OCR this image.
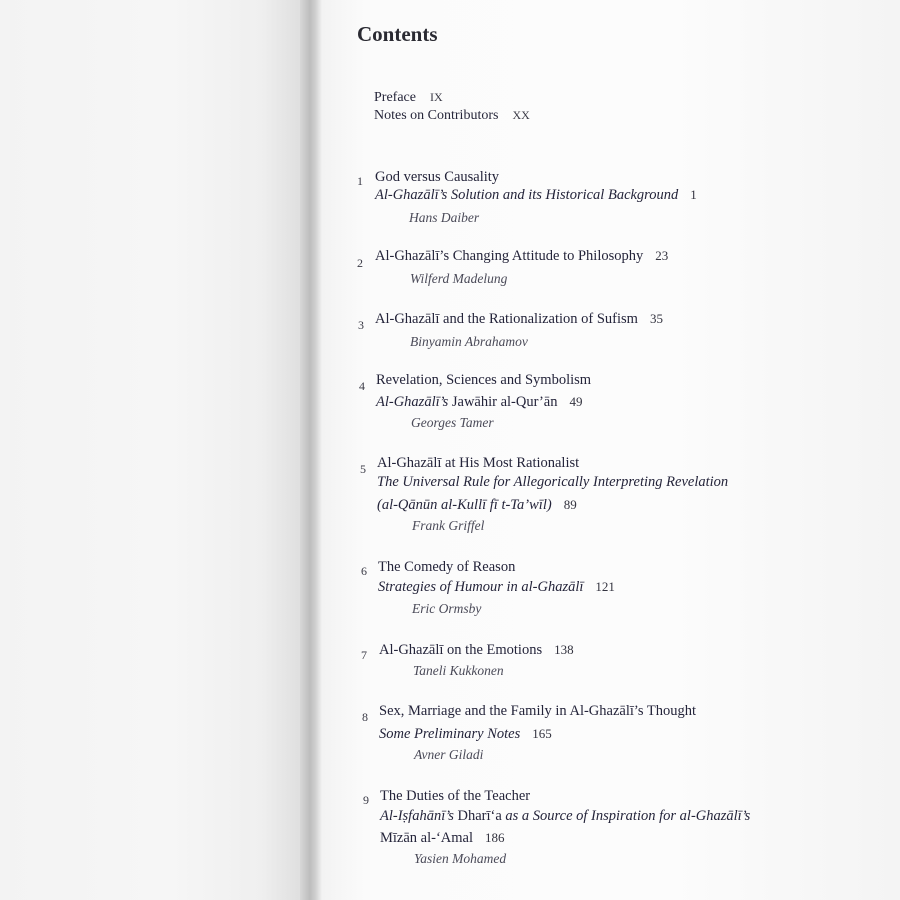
Contents
Preface IX
Notes on Contributors XX
1 God versus Causality
Al-Ghazālī’s Solution and its Historical Background 1
Hans Daiber
2 Al-Ghazālī’s Changing Attitude to Philosophy 23
Wilferd Madelung
3 Al-Ghazālī and the Rationalization of Sufism 35
Binyamin Abrahamov
4 Revelation, Sciences and Symbolism
Al-Ghazālī’s Jawāhir al-Qur’ān 49
Georges Tamer
5 Al-Ghazālī at His Most Rationalist
The Universal Rule for Allegorically Interpreting Revelation
(al-Qānūn al-Kullī fī t-Ta’wīl) 89
Frank Griffel
6 The Comedy of Reason
Strategies of Humour in al-Ghazālī 121
Eric Ormsby
7 Al-Ghazālī on the Emotions 138
Taneli Kukkonen
8 Sex, Marriage and the Family in Al-Ghazālī’s Thought
Some Preliminary Notes 165
Avner Giladi
9 The Duties of the Teacher
Al-Iṣfahānī’s Dharī‘a as a Source of Inspiration for al-Ghazālī’s
Mīzān al-‘Amal 186
Yasien Mohamed
